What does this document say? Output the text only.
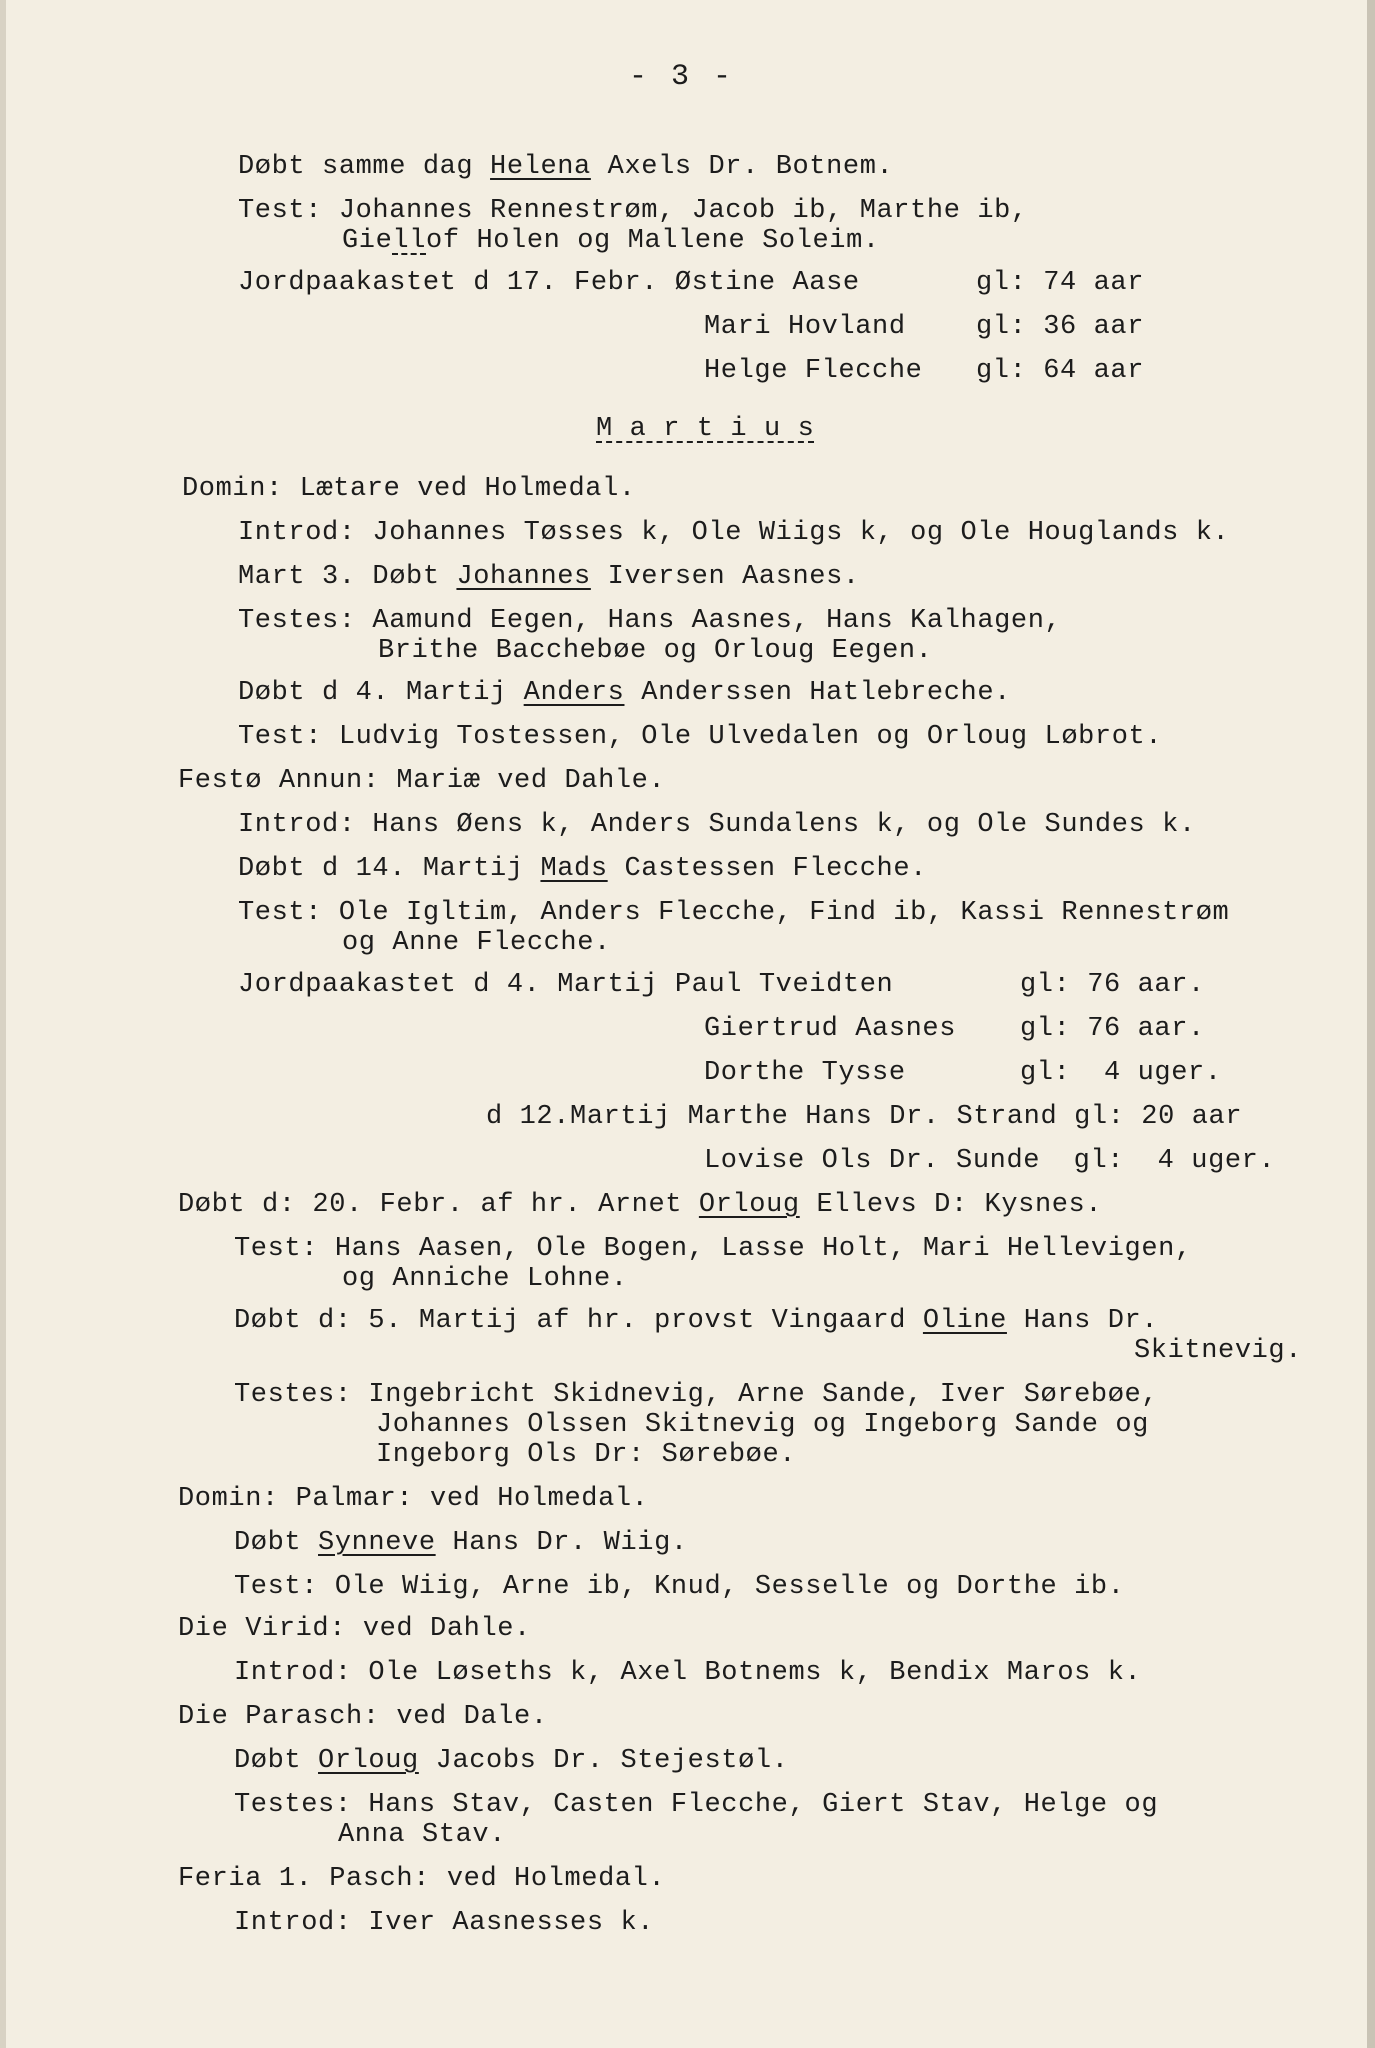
- 3 -
Døbt samme dag Helena Axels Dr. Botnem.
Test: Johannes Rennestrøm, Jacob ib, Marthe ib,
Giellof Holen og Mallene Soleim.
Jordpaakastet d 17. Febr. Østine Aase	gl: 74 aar
Mari Hovland	gl: 36 aar
Helge Flecche gl: 64 aar
M a r t i u s
Domin: Lætare ved Holmedal.
Introd: Johannes Tøsses k, Ole Wiigs k, og Ole Houglands k.
Mart 3. Døbt Johannes Iversen Aasnes.
Testes: Aamund Eegen, Hans Aasnes, Hans Kalhagen,
Brithe Bacchebøe og Orloug Eegen.
Døbt d 4. Martij Anders Anderssen Hatlebreche.
Test: Ludvig Tostessen, Ole Ulvedalen og Orloug Løbrot.
Festø Annun: Mariæ ved Dahle.
Introd: Hans Øens k, Anders Sundalens k, og Ole Sundes k.
Døbt d 14. Martij Mads Castessen Flecche.
Test: Ole Igltim, Anders Flecche, Find ib, Kassi Rennestrøm
og Anne Flecche.
Jordpaakastet d 4. Martij Paul Tveidten	gl: 76 aar.
Giertrud Aasnes gl: 76 aar.
Dorthe Tysse	gl:  4 uger.
d 12.Martij Marthe Hans Dr. Strand gl: 20 aar
Lovise Ols Dr. Sunde  gl:  4 uger.
Døbt d: 20. Febr. af hr. Arnet Orloug Ellevs D: Kysnes.
Test: Hans Aasen, Ole Bogen, Lasse Holt, Mari Hellevigen,
og Anniche Lohne.
Døbt d: 5. Martij af hr. provst Vingaard Oline Hans Dr.
Skitnevig.
Testes: Ingebricht Skidnevig, Arne Sande, Iver Sørebøe,
Johannes Olssen Skitnevig og Ingeborg Sande og
Ingeborg Ols Dr: Sørebøe.
Domin: Palmar: ved Holmedal.
Døbt Synneve Hans Dr. Wiig.
Test: Ole Wiig, Arne ib, Knud, Sesselle og Dorthe ib.
Die Virid: ved Dahle.
Introd: Ole Løseths k, Axel Botnems k, Bendix Maros k.
Die Parasch: ved Dale.
Døbt Orloug Jacobs Dr. Stejestøl.
Testes: Hans Stav, Casten Flecche, Giert Stav, Helge og
Anna Stav.
Feria 1. Pasch: ved Holmedal.
Introd: Iver Aasnesses k.
